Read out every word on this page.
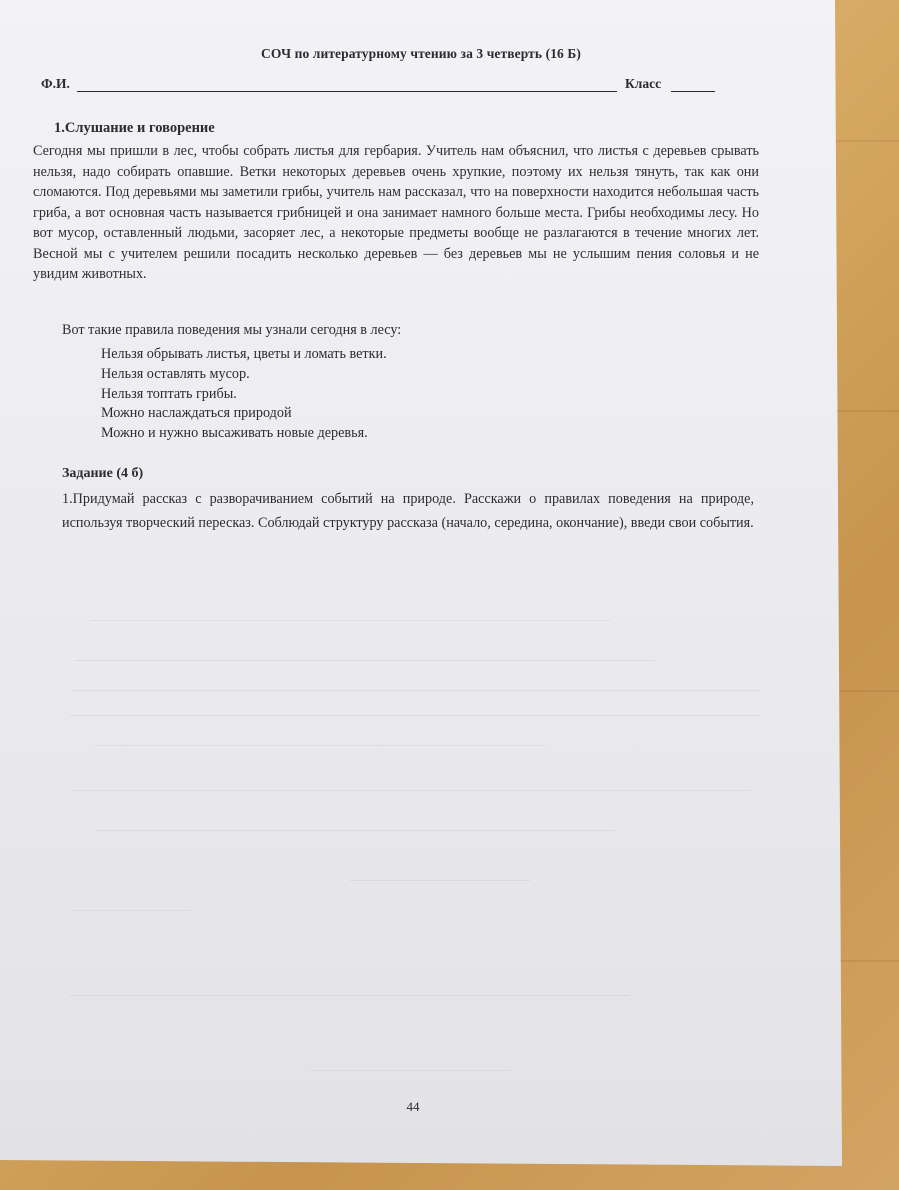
СОЧ по литературному чтению за 3 четверть (16 Б)
Ф.И.	Класс
1.Слушание и говорение

Сегодня мы пришли в лес, чтобы собрать листья для гербария. Учитель нам объяснил, что листья с деревьев срывать нельзя, надо собирать опавшие. Ветки некоторых деревьев очень хрупкие, поэтому их нельзя тянуть, так как они сломаются. Под деревьями мы заметили грибы, учитель нам рассказал, что на поверхности находится небольшая часть гриба, а вот основная часть называется грибницей и она занимает намного больше места. Грибы необходимы лесу. Но вот мусор, оставленный людьми, засоряет лес, а некоторые предметы вообще не разлагаются в течение многих лет. Весной мы с учителем решили посадить несколько деревьев — без деревьев мы не услышим пения соловья и не увидим животных.

Вот такие правила поведения мы узнали сегодня в лесу:
Нельзя обрывать листья, цветы и ломать ветки.
Нельзя оставлять мусор.
Нельзя топтать грибы.
Можно наслаждаться природой
Можно и нужно высаживать новые деревья.
Задание (4 б)

1.Придумай рассказ с разворачиванием событий на природе. Расскажи о правилах поведения на природе, используя творческий пересказ. Соблюдай структуру рассказа (начало, середина, окончание), введи свои события.

44
